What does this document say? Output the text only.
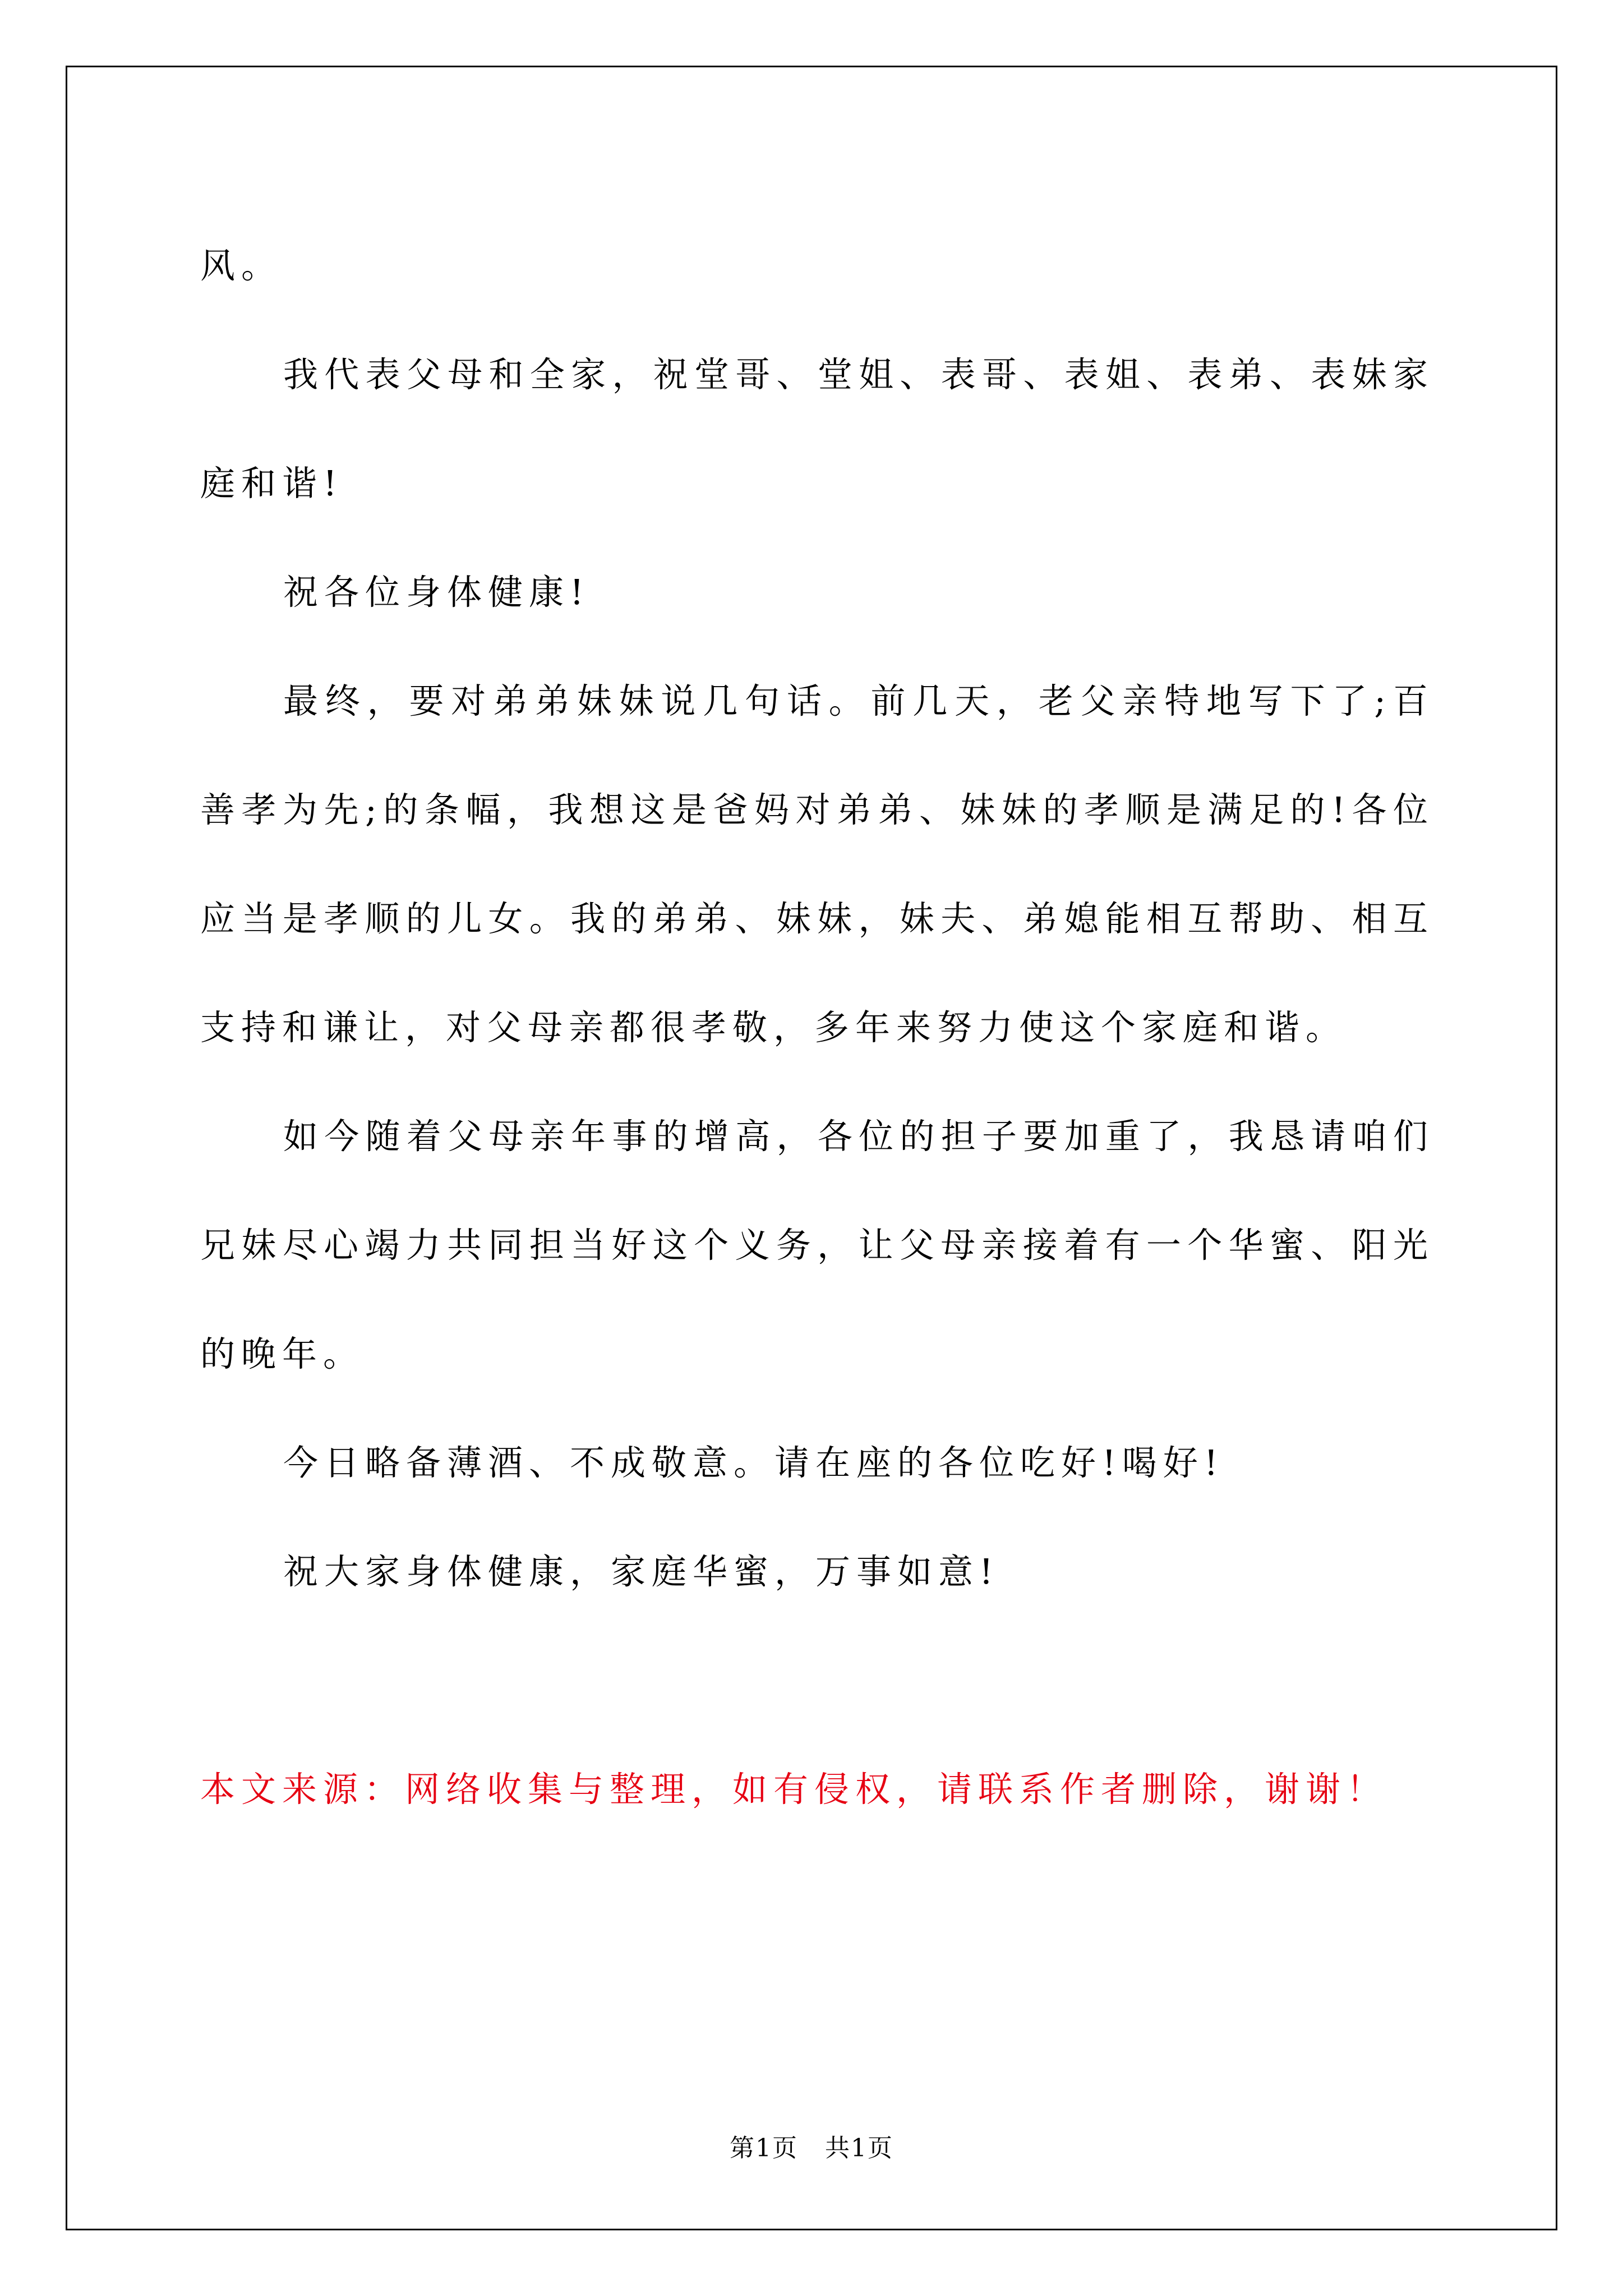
风。

我代表父母和全家，祝堂哥、堂姐、表哥、表姐、表弟、表妹家庭和谐!

祝各位身体健康!

最终，要对弟弟妹妹说几句话。前几天，老父亲特地写下了;百善孝为先;的条幅，我想这是爸妈对弟弟、妹妹的孝顺是满足的!各位应当是孝顺的儿女。我的弟弟、妹妹，妹夫、弟媳能相互帮助、相互支持和谦让，对父母亲都很孝敬，多年来努力使这个家庭和谐。

如今随着父母亲年事的增高，各位的担子要加重了，我恳请咱们兄妹尽心竭力共同担当好这个义务，让父母亲接着有一个华蜜、阳光的晚年。

今日略备薄酒、不成敬意。请在座的各位吃好!喝好!

祝大家身体健康，家庭华蜜，万事如意!

本文来源：网络收集与整理，如有侵权，请联系作者删除，谢谢！

第1页 共1页
